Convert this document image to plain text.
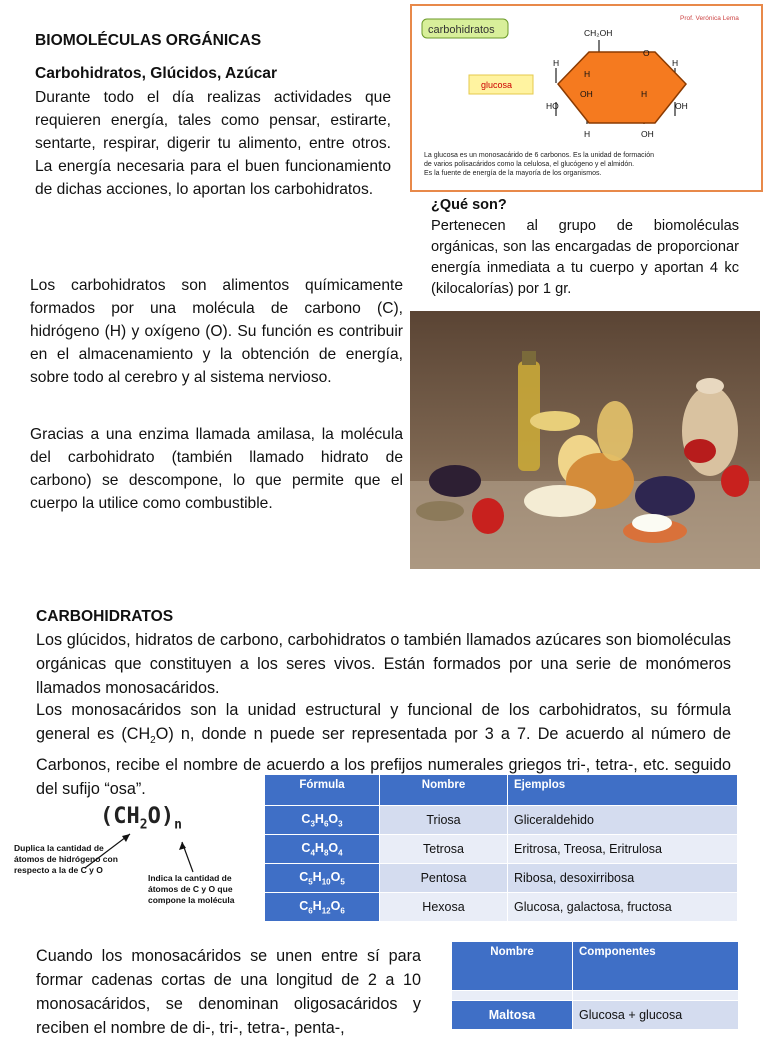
BIOMOLÉCULAS ORGÁNICAS
Carbohidratos, Glúcidos, Azúcar
Durante todo el día realizas actividades que requieren energía, tales como pensar, estirarte, sentarte, respirar, digerir tu alimento, entre otros. La energía necesaria para el buen funcionamiento de dichas acciones, lo aportan los carbohidratos.
Prof. Verónica Lema
carbohidratos
glucosa
CH₂OH
O
H
H
H
OH	H
HO	OH
H	OH
La glucosa es un monosacárido de 6 carbonos. Es la unidad de formación
de varios polisacáridos como la celulosa, el glucógeno y el almidón.
Es la fuente de energía de la mayoría de los organismos.
¿Qué son?
Pertenecen al grupo de biomoléculas orgánicas, son las encargadas de proporcionar energía inmediata a tu cuerpo y aportan 4 kc (kilocalorías) por 1 gr.
Los carbohidratos son alimentos químicamente formados por una molécula de carbono (C), hidrógeno (H) y oxígeno (O). Su función es contribuir en el almacenamiento y la obtención de energía, sobre todo al cerebro y al sistema nervioso.
Gracias a una enzima llamada amilasa, la molécula del carbohidrato (también llamado hidrato de carbono) se descompone, lo que permite que el cuerpo la utilice como combustible.
CARBOHIDRATOS
Los glúcidos, hidratos de carbono, carbohidratos o también llamados azúcares son biomoléculas orgánicas que constituyen a los seres vivos. Están formados por una serie de monómeros llamados monosacáridos.
Los monosacáridos son la unidad estructural y funcional de los carbohidratos, su fórmula general es $(CH_2O)$ n, donde n puede ser representada por 3 a 7. De acuerdo al número de Carbonos, recibe el nombre de acuerdo a los prefijos numerales griegos tri-, tetra-, etc. seguido del sufijo “osa”.
$(CH_2O)_n$
Duplica la cantidad de átomos de hidrógeno con respecto a la de C y O
Indica la cantidad de átomos de C y O que compone la molécula
Fórmula	Nombre	Ejemplos
$C_3H_6O_3$	Triosa	Gliceraldehido
$C_4H_8O_4$	Tetrosa	Eritrosa, Treosa, Eritrulosa
$C_5H_{10}O_5$	Pentosa	Ribosa, desoxirribosa
$C_6H_{12}O_6$	Hexosa	Glucosa, galactosa, fructosa
Cuando los monosacáridos se unen entre sí para formar cadenas cortas de una longitud de 2 a 10 monosacáridos, se denominan oligosacáridos y reciben el nombre de di-, tri-, tetra-, penta-,
Nombre	Componentes

Maltosa	Glucosa + glucosa
